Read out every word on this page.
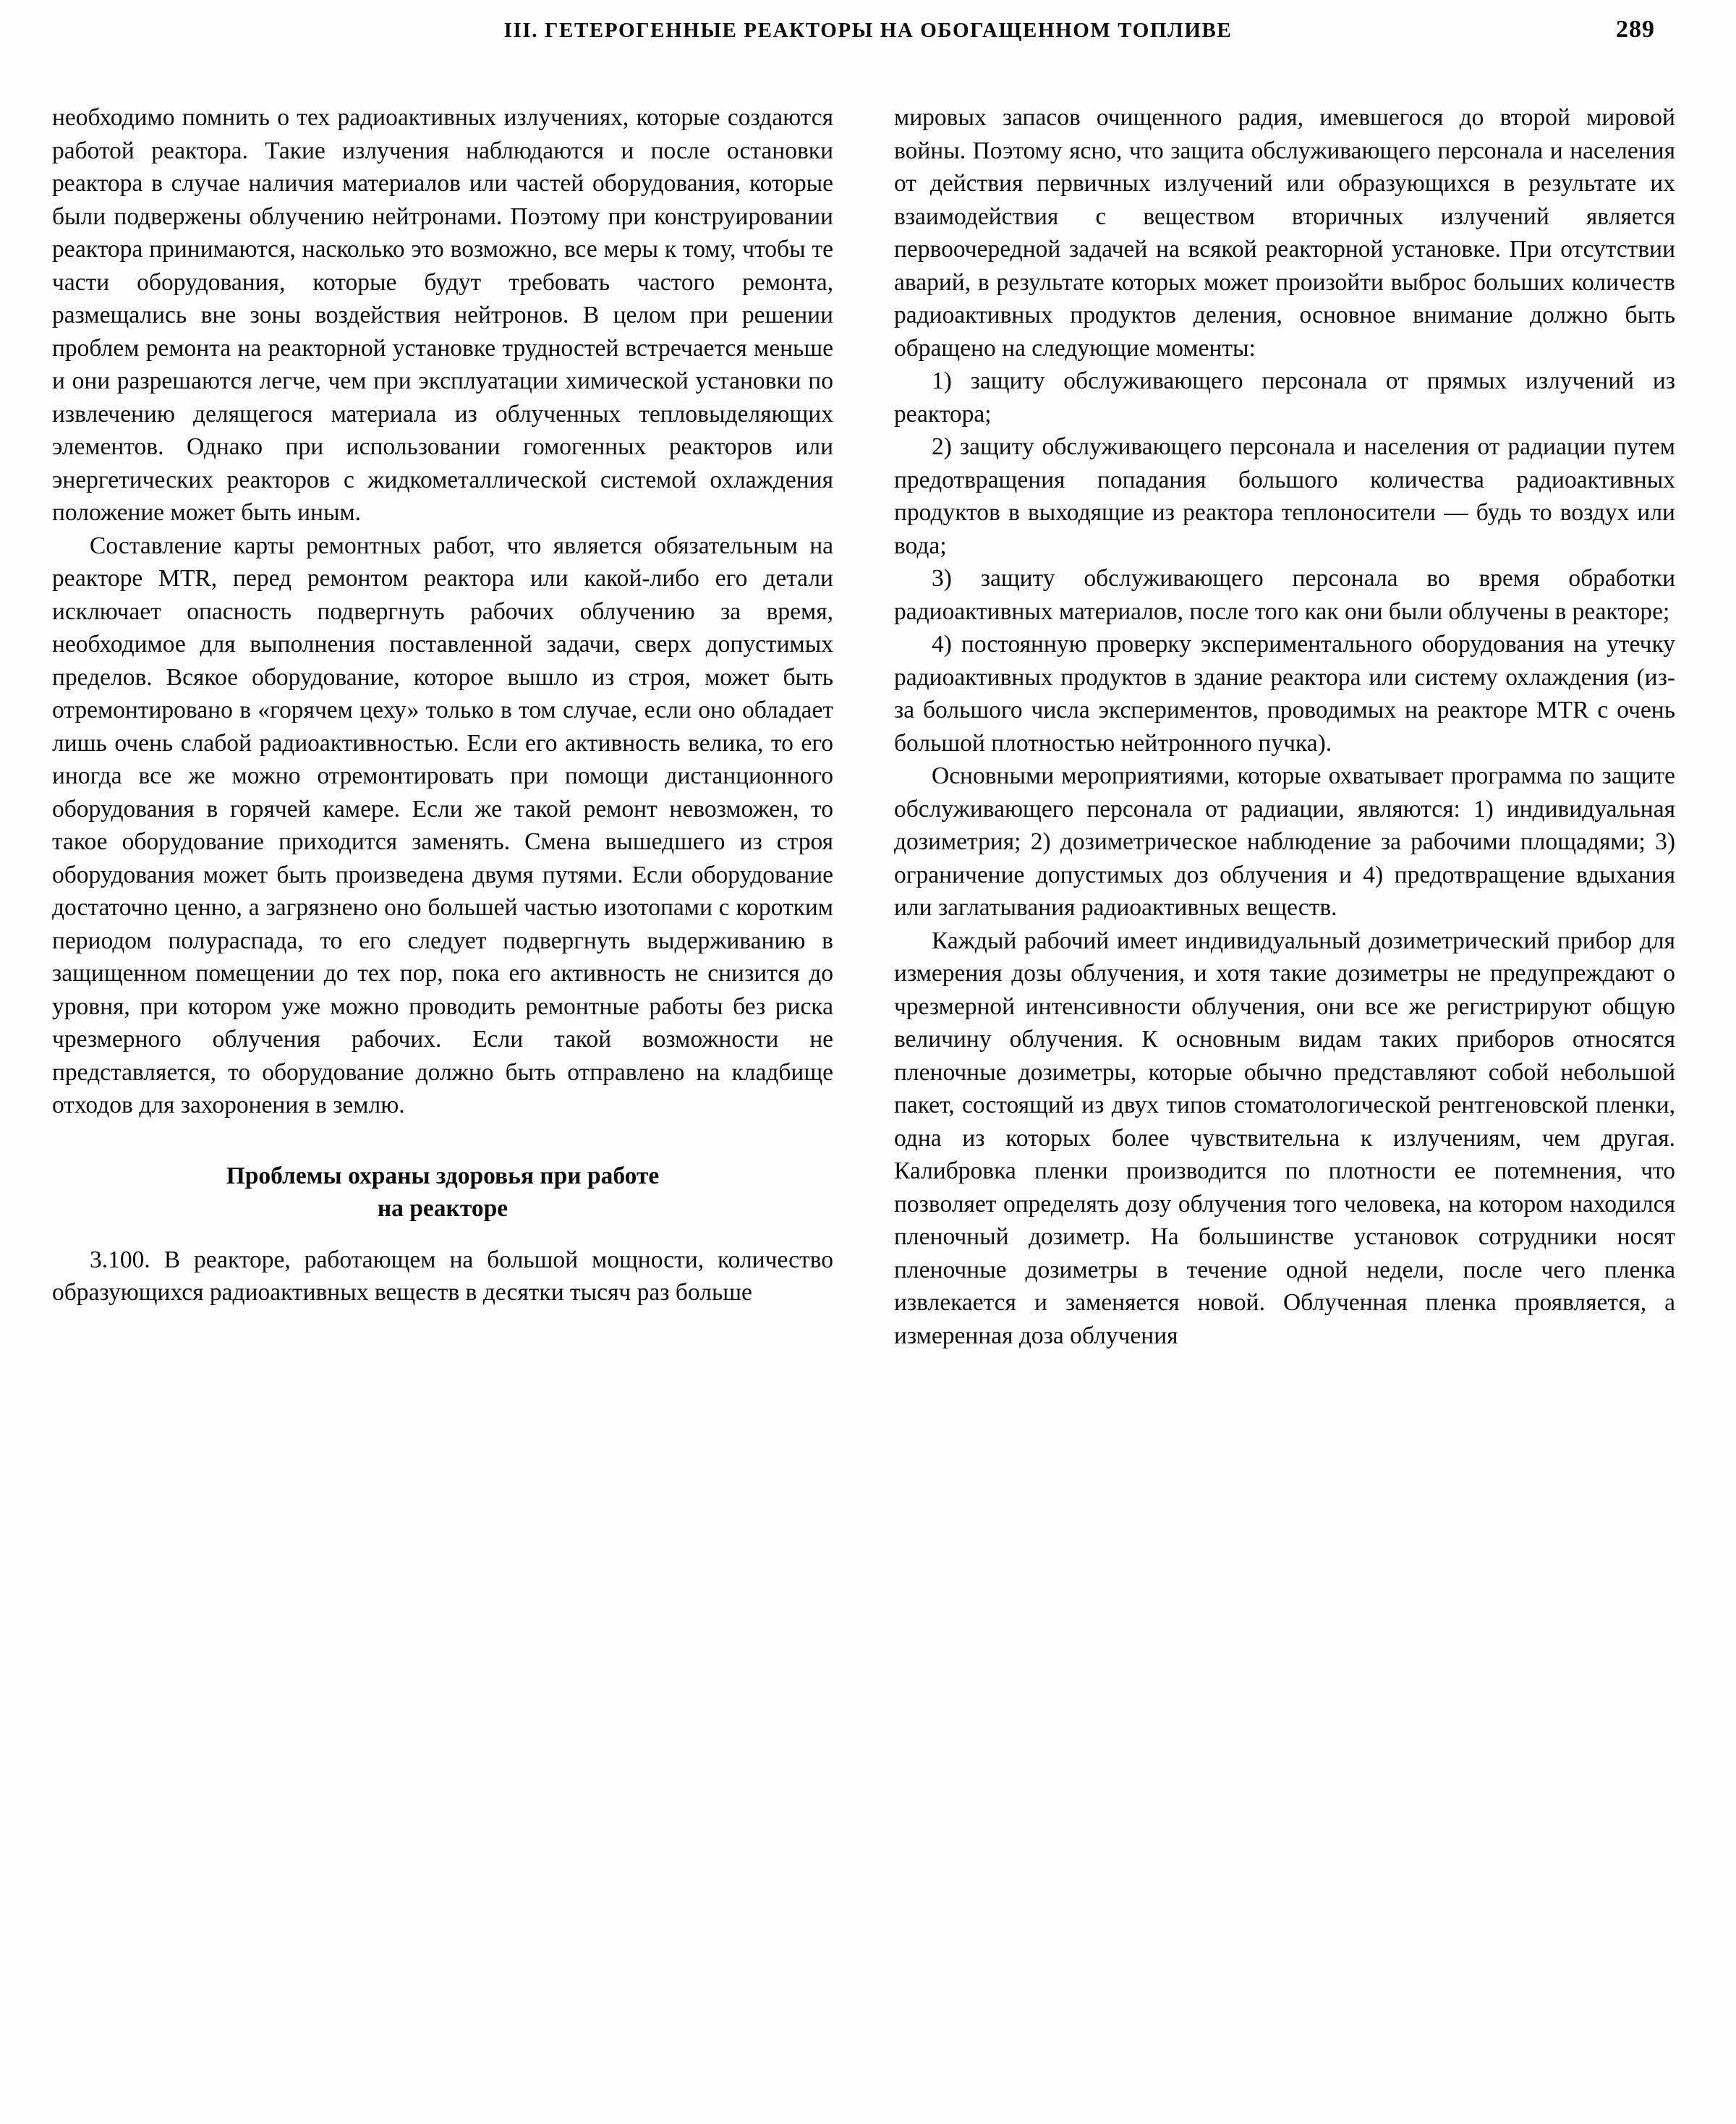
III. ГЕТЕРОГЕННЫЕ РЕАКТОРЫ НА ОБОГАЩЕННОМ ТОПЛИВЕ	289

необходимо помнить о тех радиоактивных излучениях, которые создаются работой реактора. Такие излучения наблюдаются и после остановки реактора в случае наличия материалов или частей оборудования, которые были подвержены облучению нейтронами. Поэтому при конструировании реактора принимаются, насколько это возможно, все меры к тому, чтобы те части оборудования, которые будут требовать частого ремонта, размещались вне зоны воздействия нейтронов. В целом при решении проблем ремонта на реакторной установке трудностей встречается меньше и они разрешаются легче, чем при эксплуатации химической установки по извлечению делящегося материала из облученных тепловыделяющих элементов. Однако при использовании гомогенных реакторов или энергетических реакторов с жидкометаллической системой охлаждения положение может быть иным.

Составление карты ремонтных работ, что является обязательным на реакторе MTR, перед ремонтом реактора или какой-либо его детали исключает опасность подвергнуть рабочих облучению за время, необходимое для выполнения поставленной задачи, сверх допустимых пределов. Всякое оборудование, которое вышло из строя, может быть отремонтировано в «горячем цеху» только в том случае, если оно обладает лишь очень слабой радиоактивностью. Если его активность велика, то его иногда все же можно отремонтировать при помощи дистанционного оборудования в горячей камере. Если же такой ремонт невозможен, то такое оборудование приходится заменять. Смена вышедшего из строя оборудования может быть произведена двумя путями. Если оборудование достаточно ценно, а загрязнено оно большей частью изотопами с коротким периодом полураспада, то его следует подвергнуть выдерживанию в защищенном помещении до тех пор, пока его активность не снизится до уровня, при котором уже можно проводить ремонтные работы без риска чрезмерного облучения рабочих. Если такой возможности не представляется, то оборудование должно быть отправлено на кладбище отходов для захоронения в землю.

Проблемы охраны здоровья при работе
на реакторе

3.100. В реакторе, работающем на большой мощности, количество образующихся радиоактивных веществ в десятки тысяч раз больше

мировых запасов очищенного радия, имевшегося до второй мировой войны. Поэтому ясно, что защита обслуживающего персонала и населения от действия первичных излучений или образующихся в результате их взаимодействия с веществом вторичных излучений является первоочередной задачей на всякой реакторной установке. При отсутствии аварий, в результате которых может произойти выброс больших количеств радиоактивных продуктов деления, основное внимание должно быть обращено на следующие моменты:

1) защиту обслуживающего персонала от прямых излучений из реактора;

2) защиту обслуживающего персонала и населения от радиации путем предотвращения попадания большого количества радиоактивных продуктов в выходящие из реактора теплоносители — будь то воздух или вода;

3) защиту обслуживающего персонала во время обработки радиоактивных материалов, после того как они были облучены в реакторе;

4) постоянную проверку экспериментального оборудования на утечку радиоактивных продуктов в здание реактора или систему охлаждения (из-за большого числа экспериментов, проводимых на реакторе MTR с очень большой плотностью нейтронного пучка).

Основными мероприятиями, которые охватывает программа по защите обслуживающего персонала от радиации, являются: 1) индивидуальная дозиметрия; 2) дозиметрическое наблюдение за рабочими площадями; 3) ограничение допустимых доз облучения и 4) предотвращение вдыхания или заглатывания радиоактивных веществ.

Каждый рабочий имеет индивидуальный дозиметрический прибор для измерения дозы облучения, и хотя такие дозиметры не предупреждают о чрезмерной интенсивности облучения, они все же регистрируют общую величину облучения. К основным видам таких приборов относятся пленочные дозиметры, которые обычно представляют собой небольшой пакет, состоящий из двух типов стоматологической рентгеновской пленки, одна из которых более чувствительна к излучениям, чем другая. Калибровка пленки производится по плотности ее потемнения, что позволяет определять дозу облучения того человека, на котором находился пленочный дозиметр. На большинстве установок сотрудники носят пленочные дозиметры в течение одной недели, после чего пленка извлекается и заменяется новой. Облученная пленка проявляется, а измеренная доза облучения
